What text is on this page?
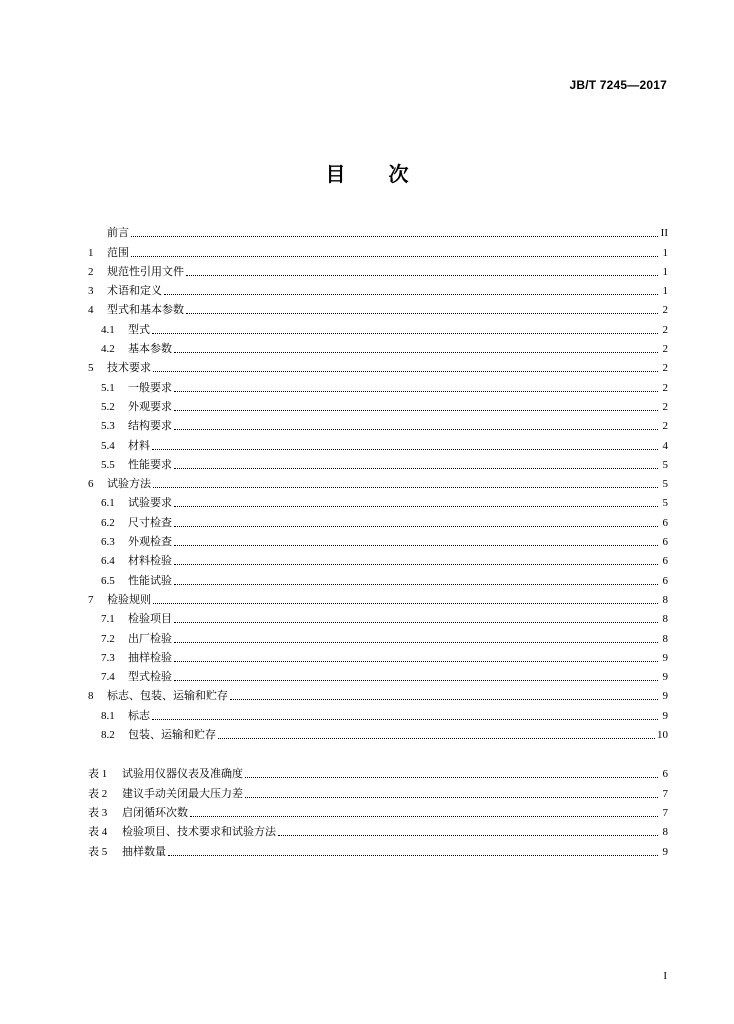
JB/T 7245—2017
目 次
前言	II
1	范围	1
2	规范性引用文件	1
3	术语和定义	1
4	型式和基本参数	2
4.1	型式	2
4.2	基本参数	2
5	技术要求	2
5.1	一般要求	2
5.2	外观要求	2
5.3	结构要求	2
5.4	材料	4
5.5	性能要求	5
6	试验方法	5
6.1	试验要求	5
6.2	尺寸检查	6
6.3	外观检查	6
6.4	材料检验	6
6.5	性能试验	6
7	检验规则	8
7.1	检验项目	8
7.2	出厂检验	8
7.3	抽样检验	9
7.4	型式检验	9
8	标志、包装、运输和贮存	9
8.1	标志	9
8.2	包装、运输和贮存	10
表 1	试验用仪器仪表及准确度	6
表 2	建议手动关闭最大压力差	7
表 3	启闭循环次数	7
表 4	检验项目、技术要求和试验方法	8
表 5	抽样数量	9
I
